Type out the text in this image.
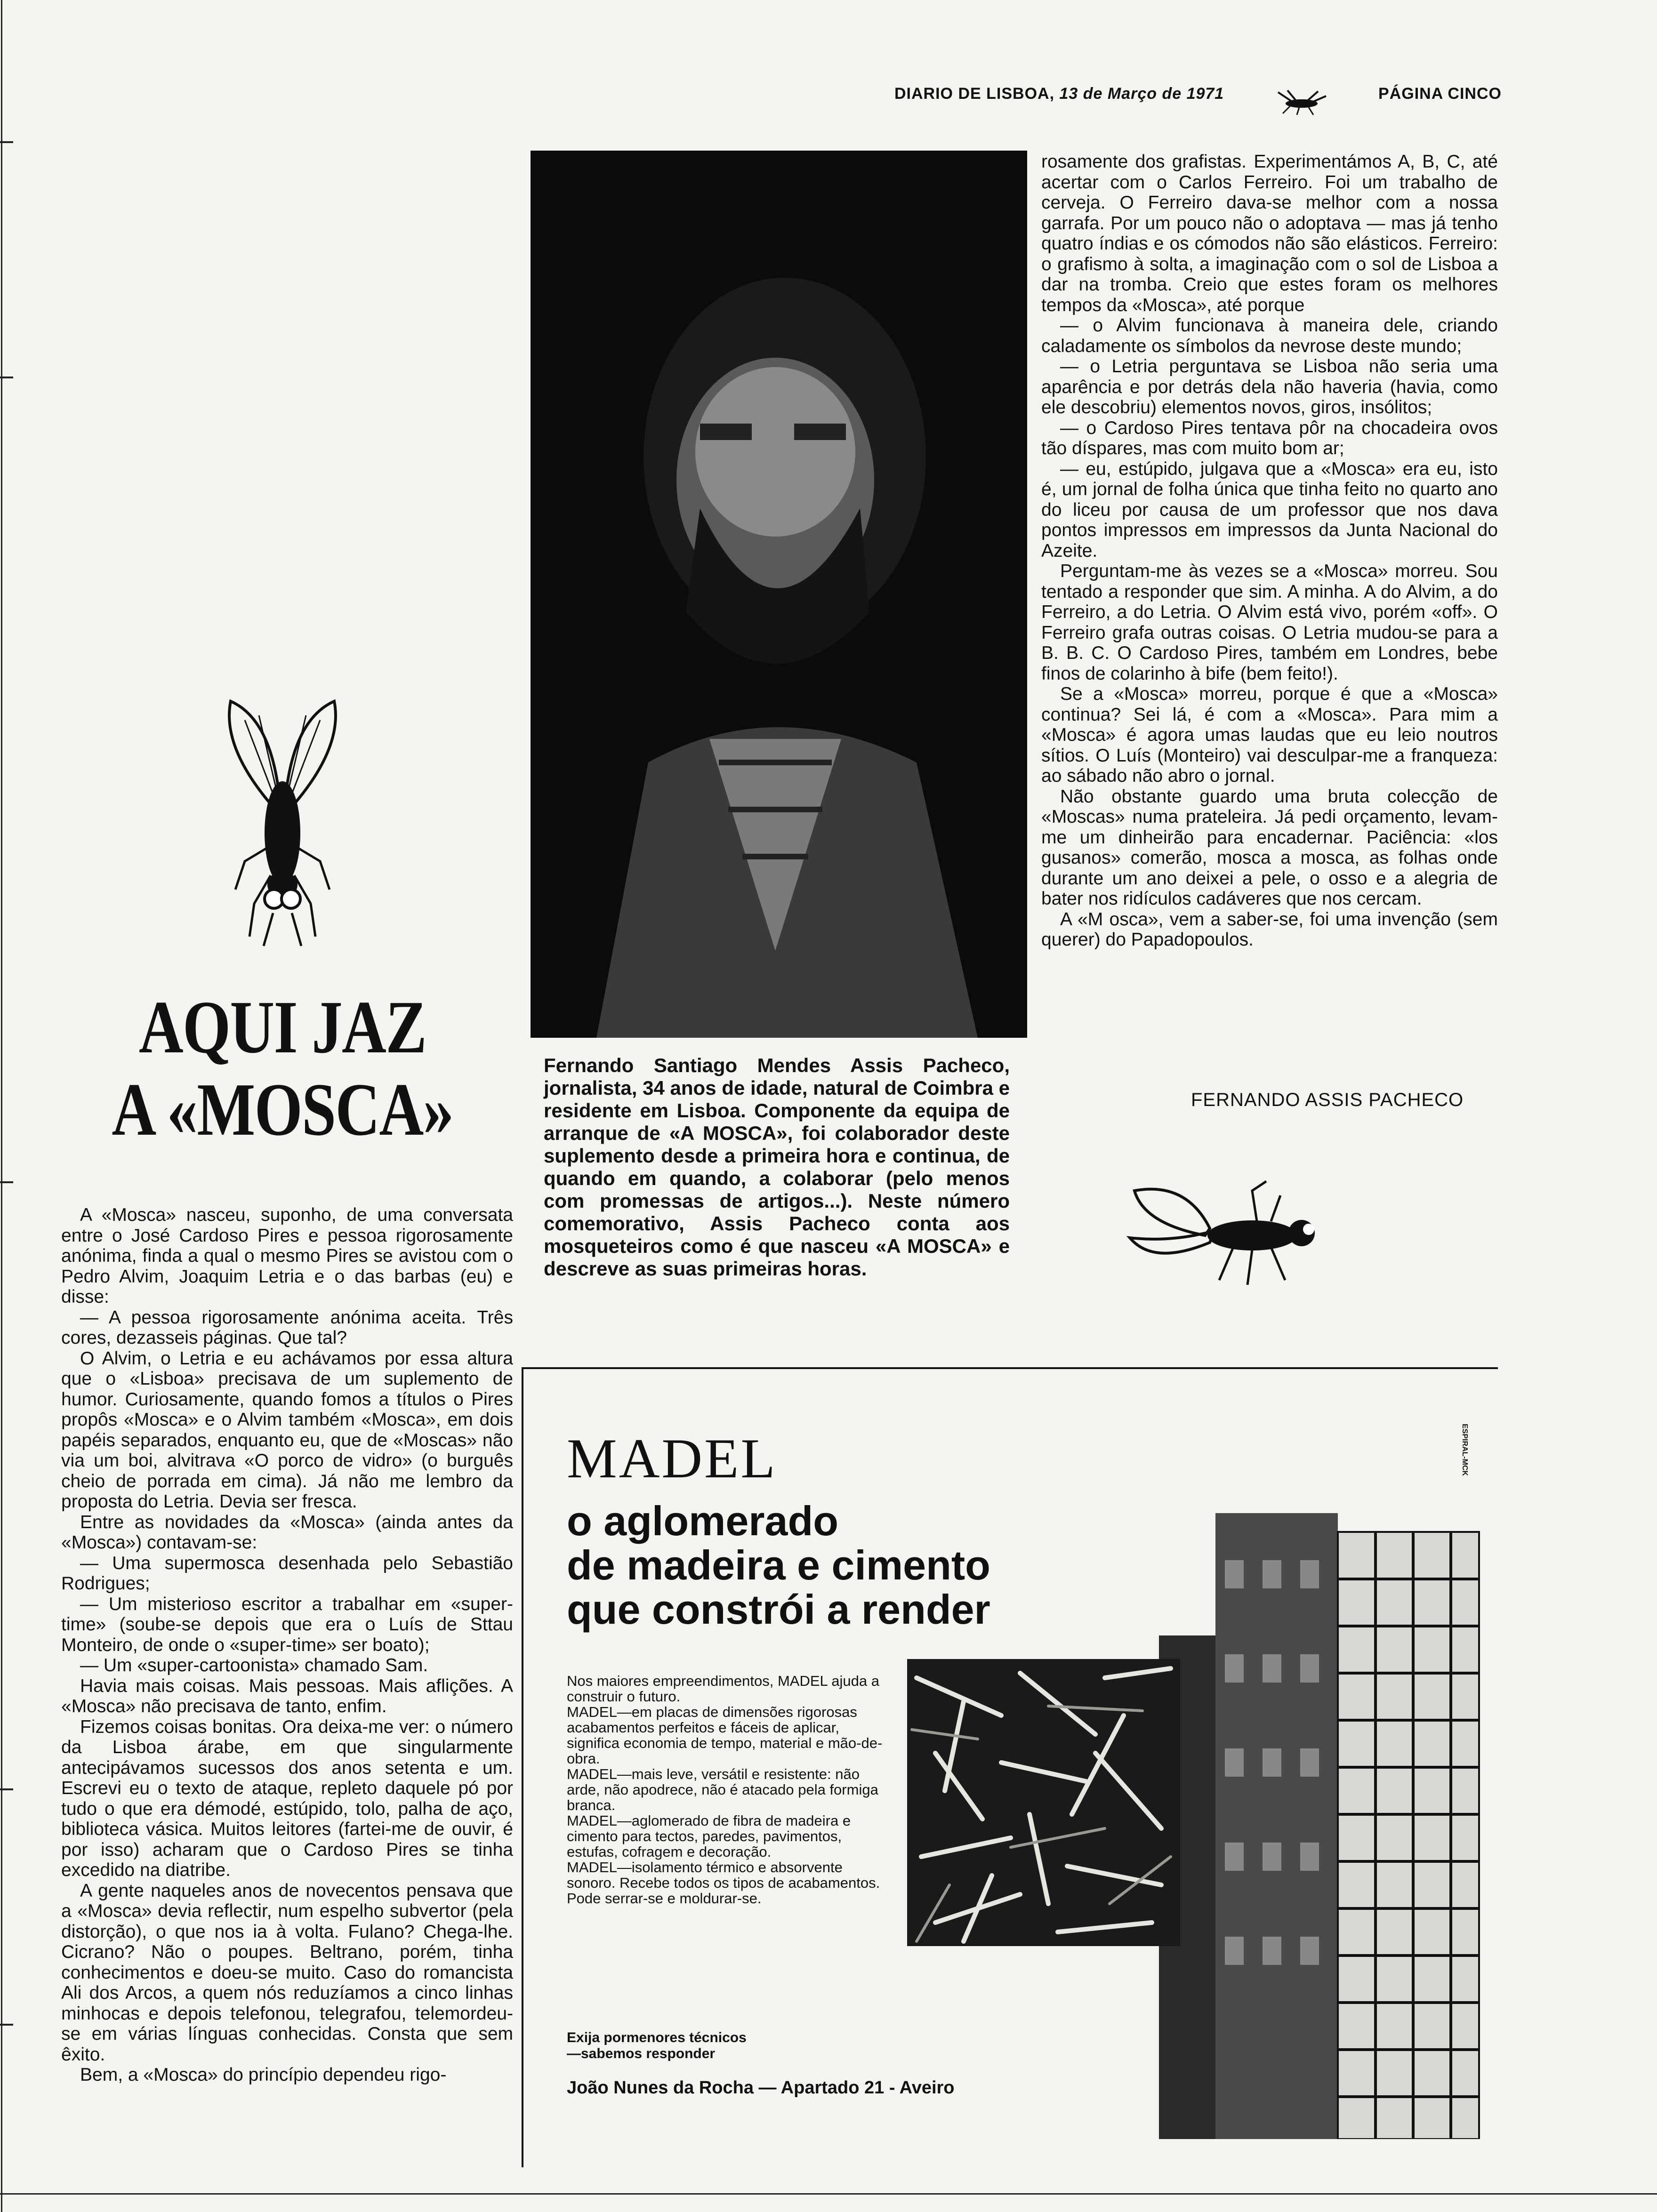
DIARIO DE LISBOA, 13 de Março de 1971	PÁGINA CINCO

rosamente dos grafistas. Experimentámos A, B, C, até acertar com o Carlos Ferreiro. Foi um trabalho de cerveja. O Ferreiro dava-se melhor com a nossa garrafa. Por um pouco não o adoptava — mas já tenho quatro índias e os cómodos não são elásticos. Ferreiro: o grafismo à solta, a imaginação com o sol de Lisboa a dar na tromba. Creio que estes foram os melhores tempos da «Mosca», até porque

— o Alvim funcionava à maneira dele, criando caladamente os símbolos da nevrose deste mundo;

— o Letria perguntava se Lisboa não seria uma aparência e por detrás dela não haveria (havia, como ele descobriu) elementos novos, giros, insólitos;

— o Cardoso Pires tentava pôr na chocadeira ovos tão díspares, mas com muito bom ar;

— eu, estúpido, julgava que a «Mosca» era eu, isto é, um jornal de folha única que tinha feito no quarto ano do liceu por causa de um professor que nos dava pontos impressos em impressos da Junta Nacional do Azeite.

Perguntam-me às vezes se a «Mosca» morreu. Sou tentado a responder que sim. A minha. A do Alvim, a do Ferreiro, a do Letria. O Alvim está vivo, porém «off». O Ferreiro grafa outras coisas. O Letria mudou-se para a B. B. C. O Cardoso Pires, também em Londres, bebe finos de colarinho à bife (bem feito!).

Se a «Mosca» morreu, porque é que a «Mosca» continua? Sei lá, é com a «Mosca». Para mim a «Mosca» é agora umas laudas que eu leio noutros sítios. O Luís (Monteiro) vai desculpar-me a franqueza: ao sábado não abro o jornal.

Não obstante guardo uma bruta colecção de «Moscas» numa prateleira. Já pedi orçamento, levam-me um dinheirão para encadernar. Paciência: «los gusanos» comerão, mosca a mosca, as folhas onde durante um ano deixei a pele, o osso e a alegria de bater nos ridículos cadáveres que nos cercam.

A «M osca», vem a saber-se, foi uma invenção (sem querer) do Papadopoulos.

FERNANDO ASSIS PACHECO
AQUI JAZ
A «MOSCA»
Fernando Santiago Mendes Assis Pacheco, jornalista, 34 anos de idade, natural de Coimbra e residente em Lisboa. Componente da equipa de arranque de «A MOSCA», foi colaborador deste suplemento desde a primeira hora e continua, de quando em quando, a colaborar (pelo menos com promessas de artigos...). Neste número comemorativo, Assis Pacheco conta aos mosqueteiros como é que nasceu «A MOSCA» e descreve as suas primeiras horas.

A «Mosca» nasceu, suponho, de uma conversata entre o José Cardoso Pires e pessoa rigorosamente anónima, finda a qual o mesmo Pires se avistou com o Pedro Alvim, Joaquim Letria e o das barbas (eu) e disse:

— A pessoa rigorosamente anónima aceita. Três cores, dezasseis páginas. Que tal?

O Alvim, o Letria e eu achávamos por essa altura que o «Lisboa» precisava de um suplemento de humor. Curiosamente, quando fomos a títulos o Pires propôs «Mosca» e o Alvim também «Mosca», em dois papéis separados, enquanto eu, que de «Moscas» não via um boi, alvitrava «O porco de vidro» (o burguês cheio de porrada em cima). Já não me lembro da proposta do Letria. Devia ser fresca.

Entre as novidades da «Mosca» (ainda antes da «Mosca») contavam-se:

— Uma supermosca desenhada pelo Sebastião Rodrigues;

— Um misterioso escritor a trabalhar em «super-time» (soube-se depois que era o Luís de Sttau Monteiro, de onde o «super-time» ser boato);

— Um «super-cartoonista» chamado Sam.

Havia mais coisas. Mais pessoas. Mais aflições. A «Mosca» não precisava de tanto, enfim.

Fizemos coisas bonitas. Ora deixa-me ver: o número da Lisboa árabe, em que singularmente antecipávamos sucessos dos anos setenta e um. Escrevi eu o texto de ataque, repleto daquele pó por tudo o que era démodé, estúpido, tolo, palha de aço, biblioteca vásica. Muitos leitores (fartei-me de ouvir, é por isso) acharam que o Cardoso Pires se tinha excedido na diatribe.

A gente naqueles anos de novecentos pensava que a «Mosca» devia reflectir, num espelho subvertor (pela distorção), o que nos ia à volta. Fulano? Chega-lhe. Cicrano? Não o poupes. Beltrano, porém, tinha conhecimentos e doeu-se muito. Caso do romancista Ali dos Arcos, a quem nós reduzíamos a cinco linhas minhocas e depois telefonou, telegrafou, telemordeu-se em várias línguas conhecidas. Consta que sem êxito.

Bem, a «Mosca» do princípio dependeu rigo-

MADEL
o aglomerado
de madeira e cimento
que constrói a render
ESPIRAL-MCK

Nos maiores empreendimentos, MADEL ajuda a construir o futuro.

MADEL—em placas de dimensões rigorosas acabamentos perfeitos e fáceis de aplicar, significa economia de tempo, material e mão-de-obra.

MADEL—mais leve, versátil e resistente: não arde, não apodrece, não é atacado pela formiga branca.

MADEL—aglomerado de fibra de madeira e cimento para tectos, paredes, pavimentos, estufas, cofragem e decoração.

MADEL—isolamento térmico e absorvente sonoro. Recebe todos os tipos de acabamentos.

Pode serrar-se e moldurar-se.

Exija pormenores técnicos
—sabemos responder
João Nunes da Rocha — Apartado 21 - Aveiro
